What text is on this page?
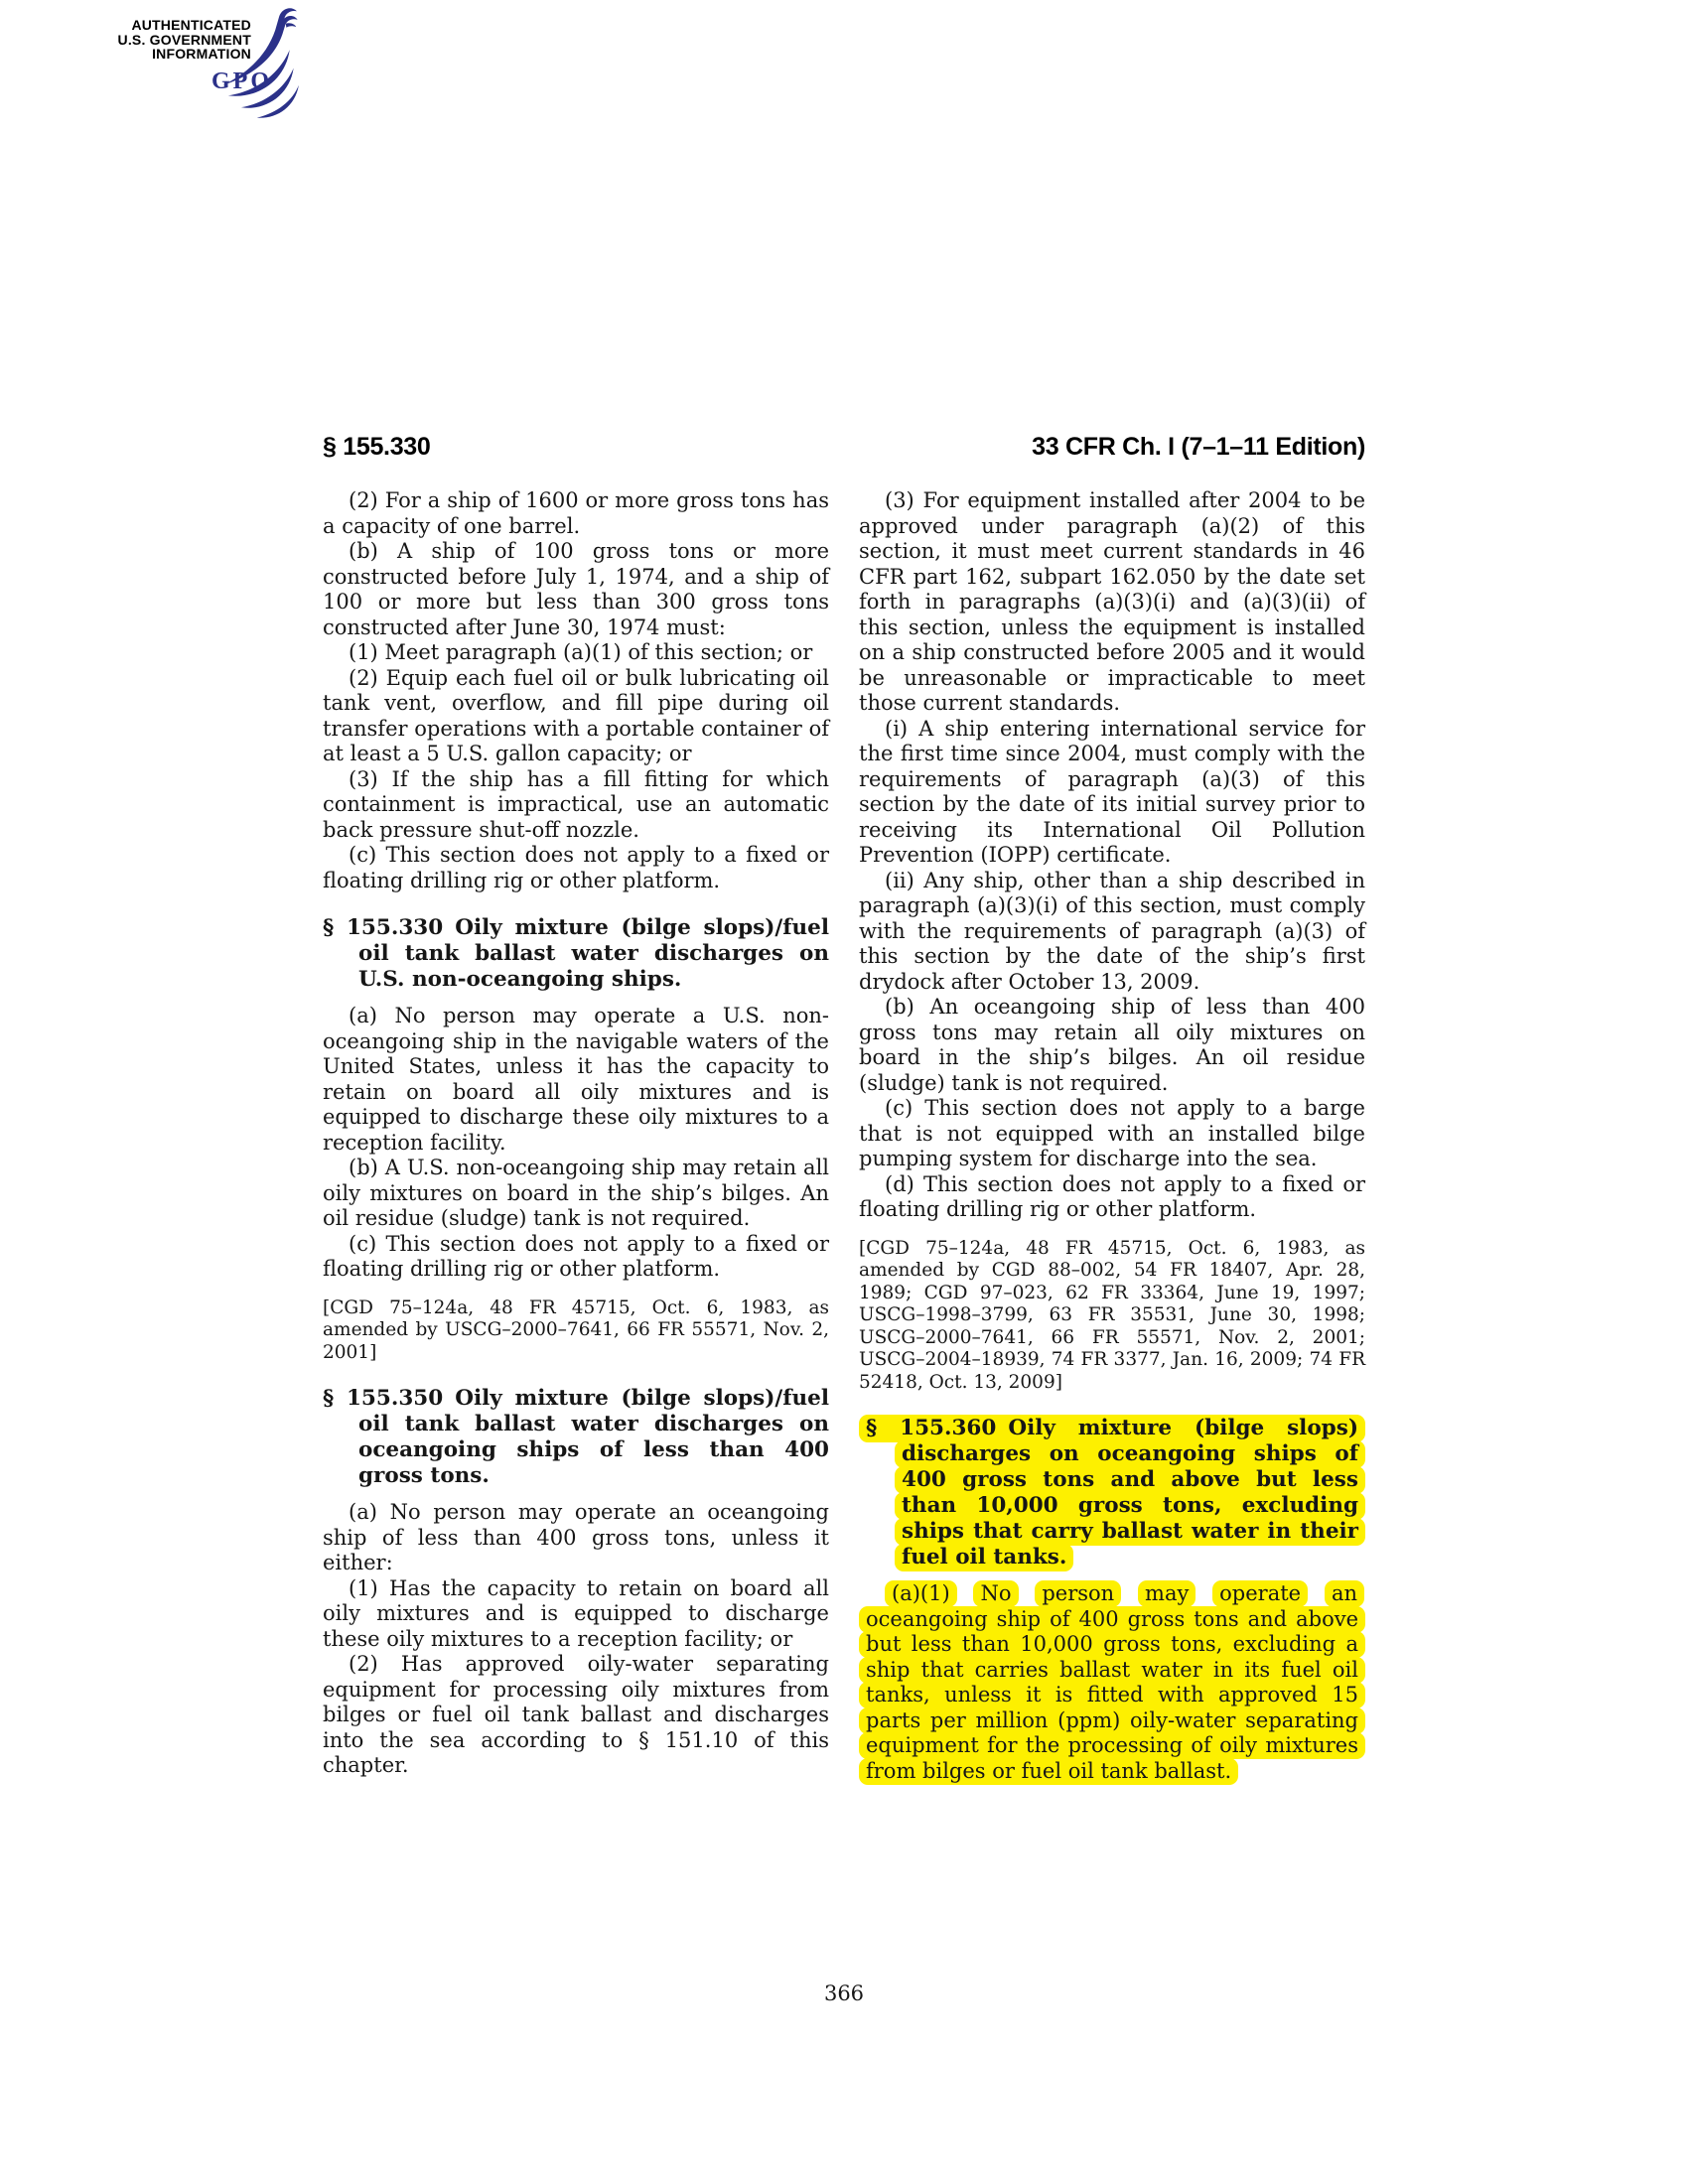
AUTHENTICATED
U.S. GOVERNMENT
INFORMATION
GPO
§ 155.330	33 CFR Ch. I (7–1–11 Edition)

(2) For a ship of 1600 or more gross tons has a capacity of one barrel.

(b) A ship of 100 gross tons or more constructed before July 1, 1974, and a ship of 100 or more but less than 300 gross tons constructed after June 30, 1974 must:

(1) Meet paragraph (a)(1) of this section; or

(2) Equip each fuel oil or bulk lubricating oil tank vent, overflow, and fill pipe during oil transfer operations with a portable container of at least a 5 U.S. gallon capacity; or

(3) If the ship has a fill fitting for which containment is impractical, use an automatic back pressure shut-off nozzle.

(c) This section does not apply to a fixed or floating drilling rig or other platform.

§ 155.330 Oily mixture (bilge slops)/fuel oil tank ballast water discharges on U.S. non-oceangoing ships.

(a) No person may operate a U.S. non-oceangoing ship in the navigable waters of the United States, unless it has the capacity to retain on board all oily mixtures and is equipped to discharge these oily mixtures to a reception facility.

(b) A U.S. non-oceangoing ship may retain all oily mixtures on board in the ship’s bilges. An oil residue (sludge) tank is not required.

(c) This section does not apply to a fixed or floating drilling rig or other platform.

[CGD 75–124a, 48 FR 45715, Oct. 6, 1983, as amended by USCG–2000–7641, 66 FR 55571, Nov. 2, 2001]

§ 155.350 Oily mixture (bilge slops)/fuel oil tank ballast water discharges on oceangoing ships of less than 400 gross tons.

(a) No person may operate an oceangoing ship of less than 400 gross tons, unless it either:

(1) Has the capacity to retain on board all oily mixtures and is equipped to discharge these oily mixtures to a reception facility; or

(2) Has approved oily-water separating equipment for processing oily mixtures from bilges or fuel oil tank ballast and discharges into the sea according to § 151.10 of this chapter.

(3) For equipment installed after 2004 to be approved under paragraph (a)(2) of this section, it must meet current standards in 46 CFR part 162, subpart 162.050 by the date set forth in paragraphs (a)(3)(i) and (a)(3)(ii) of this section, unless the equipment is installed on a ship constructed before 2005 and it would be unreasonable or impracticable to meet those current standards.

(i) A ship entering international service for the first time since 2004, must comply with the requirements of paragraph (a)(3) of this section by the date of its initial survey prior to receiving its International Oil Pollution Prevention (IOPP) certificate.

(ii) Any ship, other than a ship described in paragraph (a)(3)(i) of this section, must comply with the requirements of paragraph (a)(3) of this section by the date of the ship’s first drydock after October 13, 2009.

(b) An oceangoing ship of less than 400 gross tons may retain all oily mixtures on board in the ship’s bilges. An oil residue (sludge) tank is not required.

(c) This section does not apply to a barge that is not equipped with an installed bilge pumping system for discharge into the sea.

(d) This section does not apply to a fixed or floating drilling rig or other platform.

[CGD 75–124a, 48 FR 45715, Oct. 6, 1983, as amended by CGD 88–002, 54 FR 18407, Apr. 28, 1989; CGD 97–023, 62 FR 33364, June 19, 1997; USCG–1998–3799, 63 FR 35531, June 30, 1998; USCG–2000–7641, 66 FR 55571, Nov. 2, 2001; USCG–2004–18939, 74 FR 3377, Jan. 16, 2009; 74 FR 52418, Oct. 13, 2009]

§ 155.360 Oily mixture (bilge slops) discharges on oceangoing ships of 400 gross tons and above but less than 10,000 gross tons, excluding ships that carry ballast water in their fuel oil tanks.

(a)(1) No person may operate an oceangoing ship of 400 gross tons and above but less than 10,000 gross tons, excluding a ship that carries ballast water in its fuel oil tanks, unless it is fitted with approved 15 parts per million (ppm) oily-water separating equipment for the processing of oily mixtures from bilges or fuel oil tank ballast.

366
